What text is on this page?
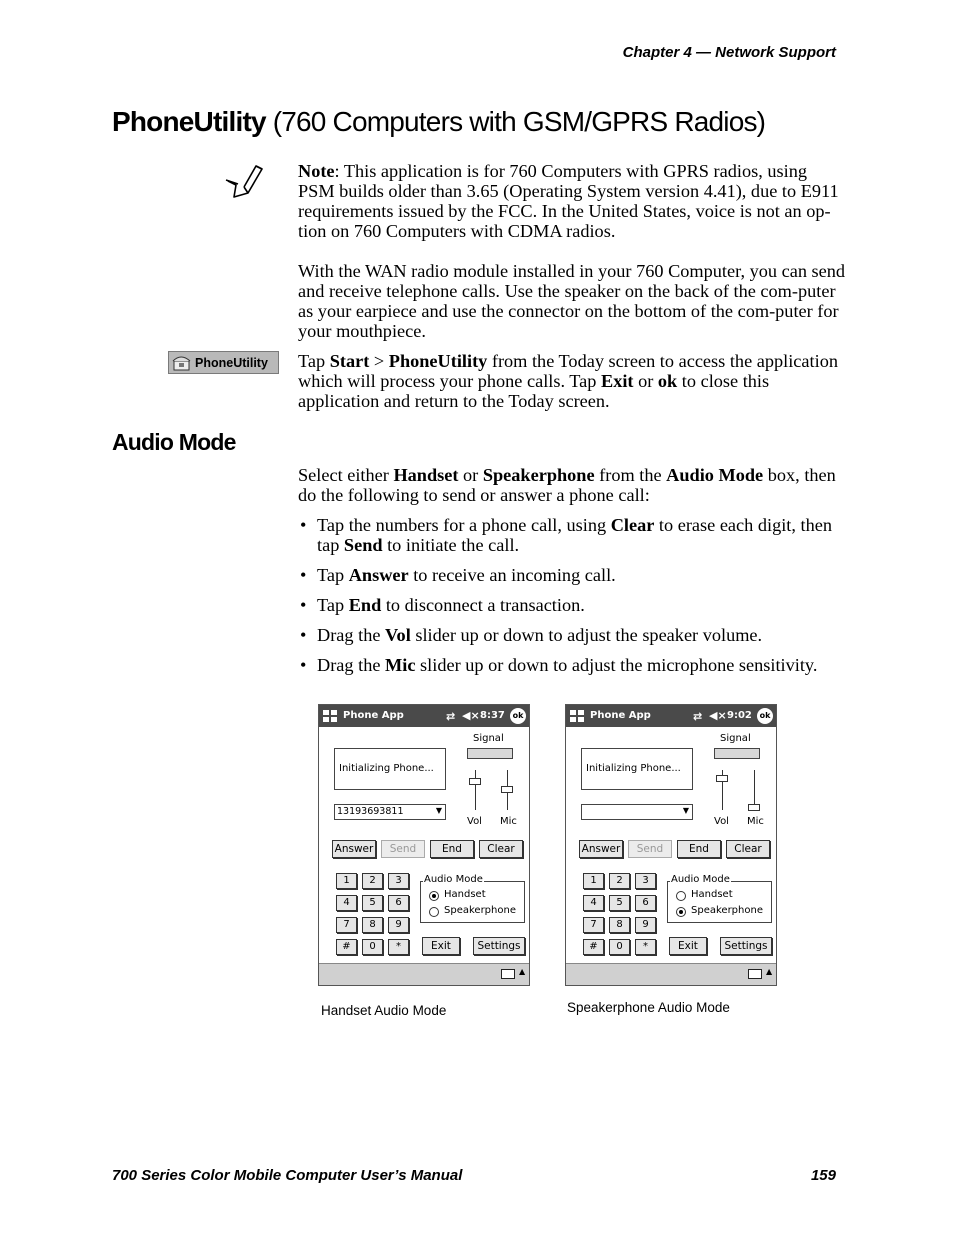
Chapter 4 — Network Support
PhoneUtility (760 Computers with GSM/GPRS Radios)

Note: This application is for 760 Computers with GPRS radios, using PSM builds older than 3.65 (Operating System version 4.41), due to E911 requirements issued by the FCC. In the United States, voice is not an op-tion on 760 Computers with CDMA radios.

With the WAN radio module installed in your 760 Computer, you can send and receive telephone calls. Use the speaker on the back of the com-puter as your earpiece and use the connector on the bottom of the com-puter for your mouthpiece.

PhoneUtility Tap Start > PhoneUtility from the Today screen to access the application which will process your phone calls. Tap Exit or ok to close this application and return to the Today screen.

Audio Mode

Select either Handset or Speakerphone from the Audio Mode box, then do the following to send or answer a phone call:

• Tap the numbers for a phone call, using Clear to erase each digit, then tap Send to initiate the call.
• Tap Answer to receive an incoming call.
• Tap End to disconnect a transaction.
• Drag the Vol slider up or down to adjust the speaker volume.
• Drag the Mic slider up or down to adjust the microphone sensitivity.
Phone App	⇄ ◀× 8:37 ok
Signal
Initializing Phone...
13193693811	▼
Vol Mic
Answer	Send	End	Clear
1	2	3
4	5	6
7	8	9
#	0	*
Audio Mode
Handset
Speakerphone
Exit	Settings
▲
Handset Audio Mode
Phone App	⇄ ◀× 9:02 ok
Signal
Initializing Phone...
▼
Vol Mic
Answer	Send	End	Clear
1	2	3
4	5	6
7	8	9
#	0	*
Audio Mode
Handset
Speakerphone
Exit	Settings
▲
Speakerphone Audio Mode
700 Series Color Mobile Computer User’s Manual	159
